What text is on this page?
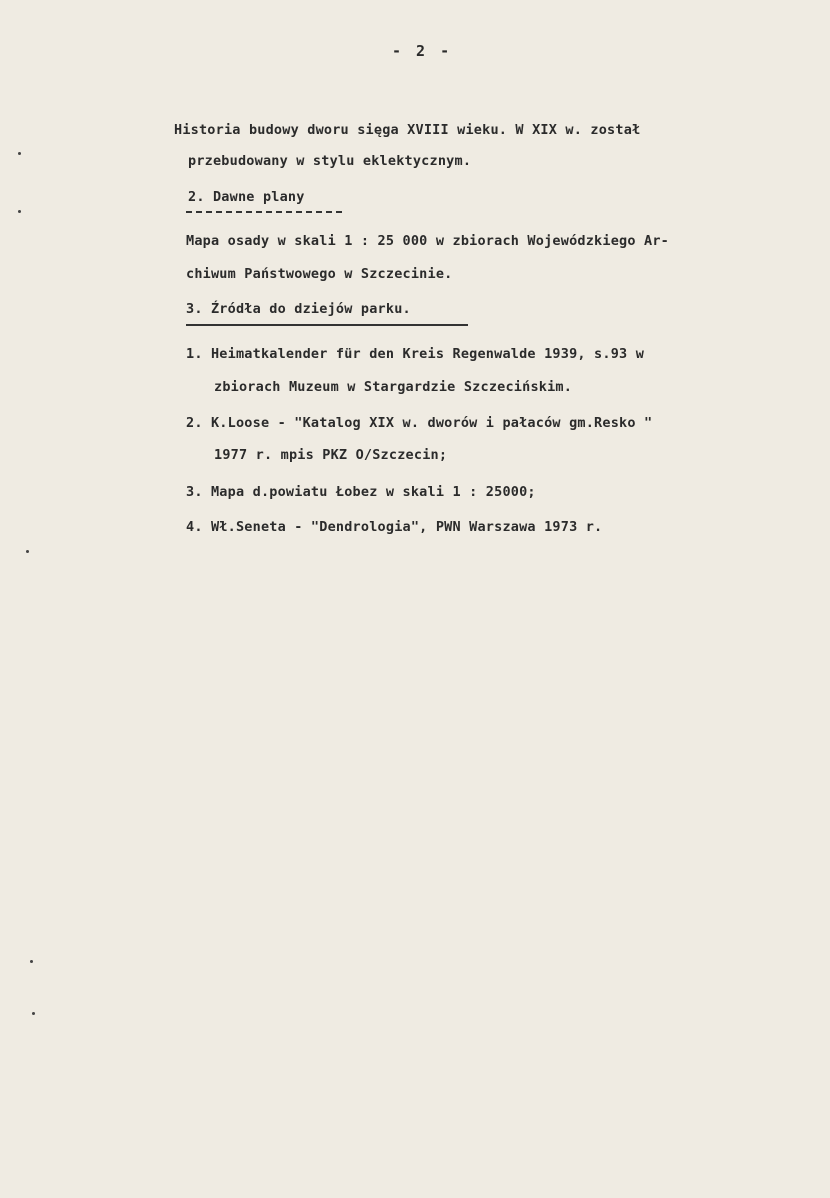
- 2 -
Historia budowy dworu sięga XVIII wieku. W XIX w. został
przebudowany w stylu eklektycznym.
2. Dawne plany
Mapa osady w skali 1 : 25 000 w zbiorach Wojewódzkiego Ar-
chiwum Państwowego w Szczecinie.
3. Źródła do dziejów parku.
1. Heimatkalender für den Kreis Regenwalde 1939, s.93 w
zbiorach Muzeum w Stargardzie Szczecińskim.
2. K.Loose - "Katalog XIX w. dworów i pałaców gm.Resko "
1977 r. mpis PKZ O/Szczecin;
3. Mapa d.powiatu Łobez w skali 1 : 25000;
4. Wł.Seneta - "Dendrologia", PWN Warszawa 1973 r.
